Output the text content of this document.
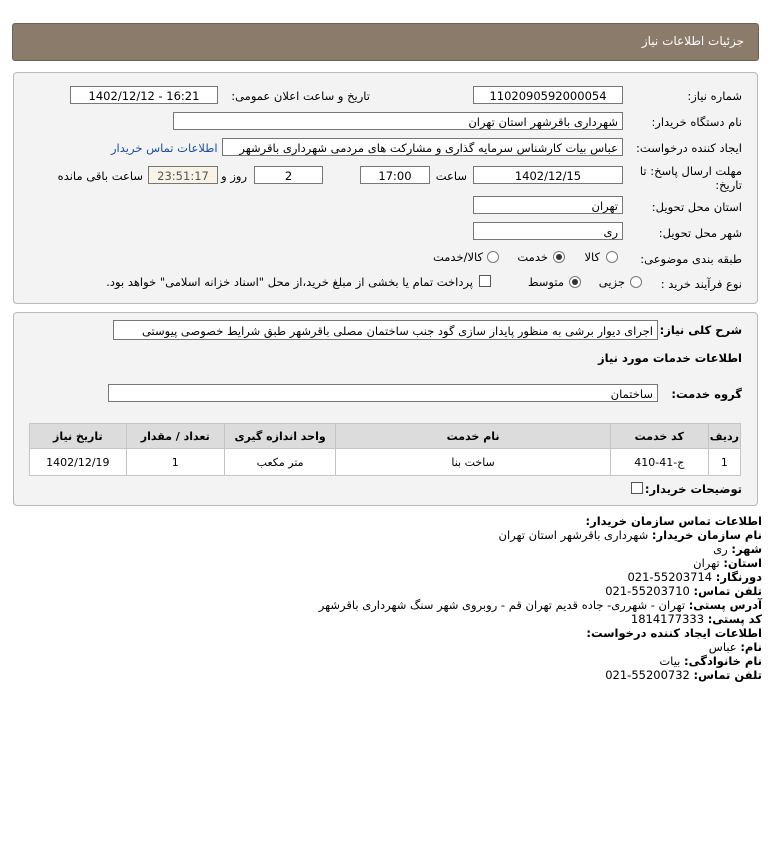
جزئیات اطلاعات نیاز
شماره نیاز:
1102090592000054
تاریخ و ساعت اعلان عمومی:
1402/12/12 - 16:21
نام دستگاه خریدار:
شهرداری باقرشهر استان تهران
ایجاد کننده درخواست:
عباس بیات کارشناس سرمایه گذاری و مشارکت های مردمی شهرداری باقرشهر
اطلاعات تماس خریدار
مهلت ارسال پاسخ: تا
تاریخ:
1402/12/15
ساعت
17:00
2
روز و
23:51:17
ساعت باقی مانده
استان محل تحویل:
تهران
شهر محل تحویل:
ری
طبقه بندی موضوعی:
کالا
خدمت
کالا/خدمت
نوع فرآیند خرید :
جزیی
متوسط
پرداخت تمام یا بخشی از مبلغ خرید،از محل "اسناد خزانه اسلامی" خواهد بود.
شرح کلی نیاز:
اجرای دیوار برشی به منظور پایدار سازی گود جنب ساختمان مصلی باقرشهر طبق شرایط خصوصی پیوستی
اطلاعات خدمات مورد نیاز
گروه خدمت:
ساختمان
ردیف	کد خدمت	نام خدمت	واحد اندازه گیری	تعداد / مقدار	تاریخ نیاز
1	ج-41-410	ساخت بنا	متر مکعب	1	1402/12/19
توضیحات خریدار:
اطلاعات تماس سازمان خریدار:
نام سازمان خریدار: شهرداری باقرشهر استان تهران
شهر: ری
استان: تهران
دورنگار: 55203714-021
تلفن تماس: 55203710-021
آدرس پستی: تهران - شهرری- جاده قدیم تهران قم - روبروی شهر سنگ شهرداری باقرشهر
کد پستی: 1814177333
اطلاعات ایجاد کننده درخواست:
نام: عباس
نام خانوادگی: بیات
تلفن تماس: 55200732-021
